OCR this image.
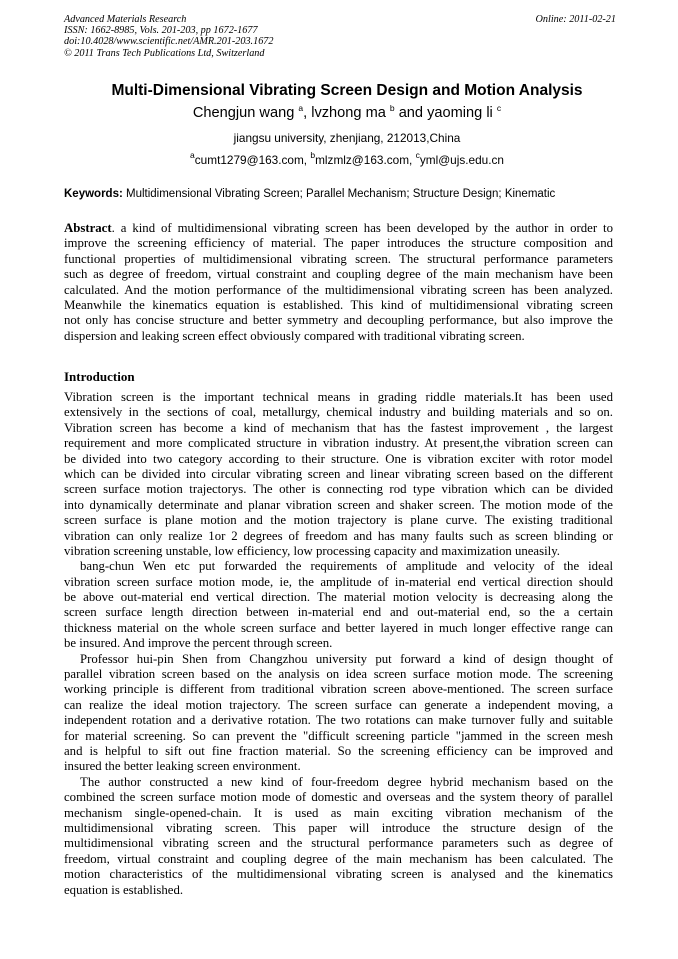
Advanced Materials Research
ISSN: 1662-8985, Vols. 201-203, pp 1672-1677
doi:10.4028/www.scientific.net/AMR.201-203.1672
© 2011 Trans Tech Publications Ltd, Switzerland
Online: 2011-02-21
Multi-Dimensional Vibrating Screen Design and Motion Analysis
Chengjun wang $^a$, lvzhong ma $^b$ and yaoming li $^c$
jiangsu university, zhenjiang, 212013,China
$^a$cumt1279@163.com, $^b$mlzmlz@163.com, $^c$yml@ujs.edu.cn
Keywords: Multidimensional Vibrating Screen; Parallel Mechanism; Structure Design; Kinematic
Abstract. a kind of multidimensional vibrating screen has been developed by the author in order to
improve the screening efficiency of material. The paper introduces the structure composition and
functional properties of multidimensional vibrating screen. The structural performance parameters
such as degree of freedom, virtual constraint and coupling degree of the main mechanism have been
calculated. And the motion performance of the multidimensional vibrating screen has been analyzed.
Meanwhile the kinematics equation is established. This kind of multidimensional vibrating screen
not only has concise structure and better symmetry and decoupling performance, but also improve the
dispersion and leaking screen effect obviously compared with traditional vibrating screen.
Introduction
Vibration screen is the important technical means in grading riddle materials.It has been used
extensively in the sections of coal, metallurgy, chemical industry and building materials and so on.
Vibration screen has become a kind of mechanism that has the fastest improvement , the largest
requirement and more complicated structure in vibration industry. At present,the vibration screen can
be divided into two category according to their structure. One is vibration exciter with rotor model
which can be divided into circular vibrating screen and linear vibrating screen based on the different
screen surface motion trajectorys. The other is connecting rod type vibration which can be divided
into dynamically determinate and planar vibration screen and shaker screen. The motion mode of the
screen surface is plane motion and the motion trajectory is plane curve. The existing traditional
vibration can only realize 1or 2 degrees of freedom and has many faults such as screen blinding or
vibration screening unstable, low efficiency, low processing capacity and maximization uneasily.
bang-chun Wen etc put forwarded the requirements of amplitude and velocity of the ideal
vibration screen surface motion mode, ie, the amplitude of in-material end vertical direction should
be above out-material end vertical direction. The material motion velocity is decreasing along the
screen surface length direction between in-material end and out-material end, so the a certain
thickness material on the whole screen surface and better layered in much longer effective range can
be insured. And improve the percent through screen.
Professor hui-pin Shen from Changzhou university put forward a kind of design thought of
parallel vibration screen based on the analysis on idea screen surface motion mode. The screening
working principle is different from traditional vibration screen above-mentioned. The screen surface
can realize the ideal motion trajectory. The screen surface can generate a independent moving, a
independent rotation and a derivative rotation. The two rotations can make turnover fully and suitable
for material screening. So can prevent the "difficult screening particle "jammed in the screen mesh
and is helpful to sift out fine fraction material. So the screening efficiency can be improved and
insured the better leaking screen environment.
The author constructed a new kind of four-freedom degree hybrid mechanism based on the
combined the screen surface motion mode of domestic and overseas and the system theory of parallel
mechanism single-opened-chain. It is used as main exciting vibration mechanism of the
multidimensional vibrating screen. This paper will introduce the structure design of the
multidimensional vibrating screen and the structural performance parameters such as degree of
freedom, virtual constraint and coupling degree of the main mechanism has been calculated. The
motion characteristics of the multidimensional vibrating screen is analysed and the kinematics
equation is established.
